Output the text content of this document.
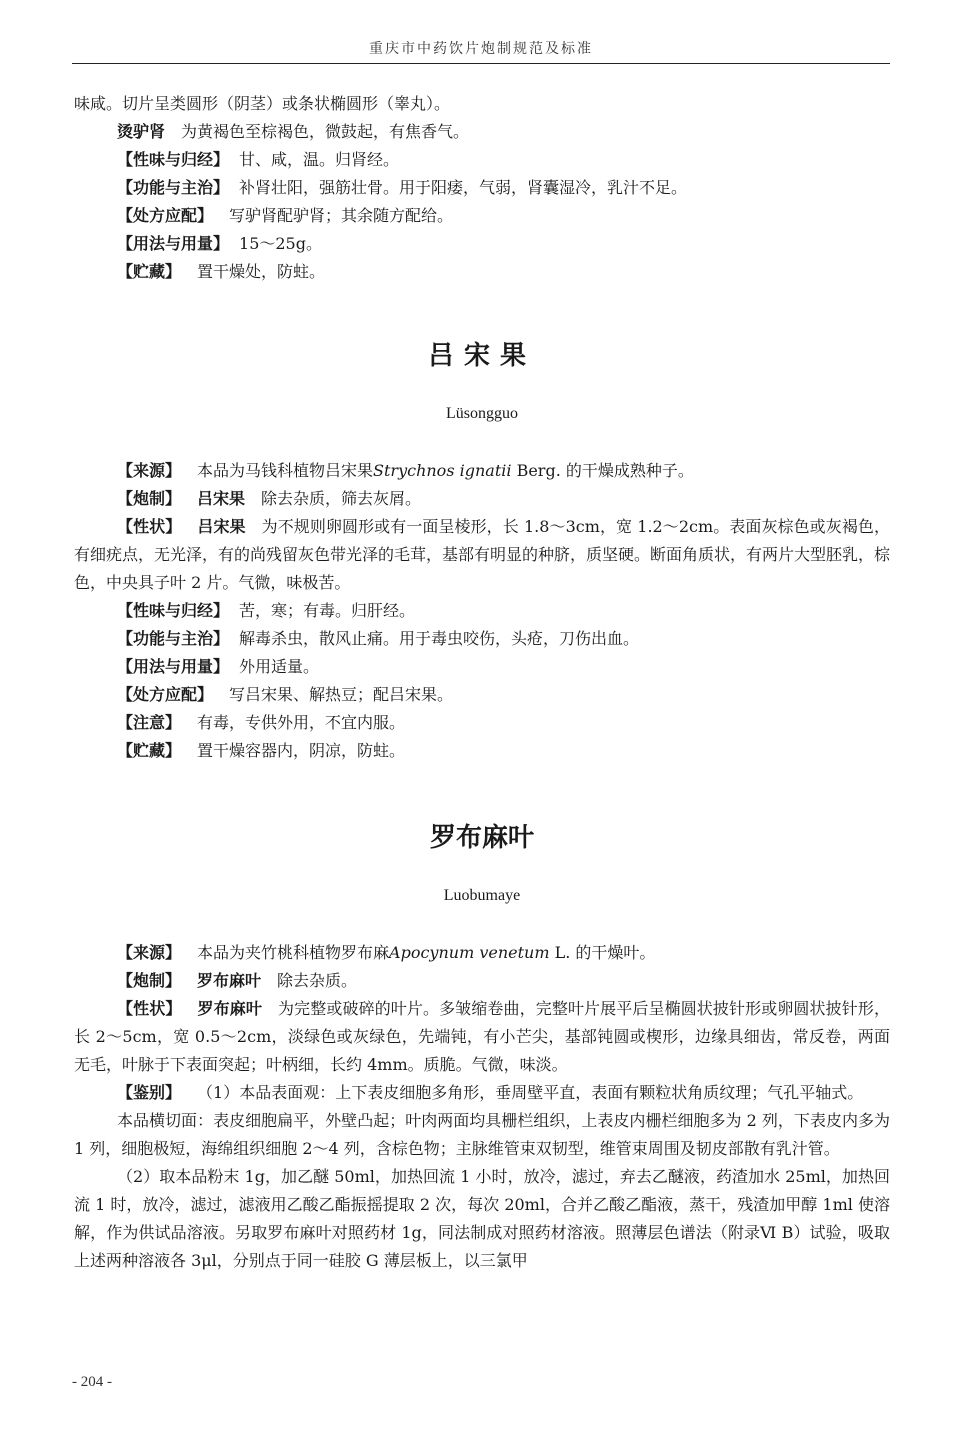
重庆市中药饮片炮制规范及标准

味咸。切片呈类圆形（阴茎）或条状椭圆形（睾丸）。

烫驴肾 为黄褐色至棕褐色，微鼓起，有焦香气。

【性味与归经】 甘、咸，温。归肾经。

【功能与主治】 补肾壮阳，强筋壮骨。用于阳痿，气弱，肾囊湿冷，乳汁不足。

【处方应配】 写驴肾配驴肾；其余随方配给。

【用法与用量】 15～25g。

【贮藏】 置干燥处，防蛀。

吕宋果

Lüsongguo

【来源】 本品为马钱科植物吕宋果Strychnos ignatii Berg. 的干燥成熟种子。

【炮制】 吕宋果 除去杂质，筛去灰屑。

【性状】 吕宋果 为不规则卵圆形或有一面呈棱形，长 1.8～3cm，宽 1.2～2cm。表面灰棕色或灰褐色，有细疣点，无光泽，有的尚残留灰色带光泽的毛茸，基部有明显的种脐，质坚硬。断面角质状，有两片大型胚乳，棕色，中央具子叶 2 片。气微，味极苦。

【性味与归经】 苦，寒；有毒。归肝经。

【功能与主治】 解毒杀虫，散风止痛。用于毒虫咬伤，头疮，刀伤出血。

【用法与用量】 外用适量。

【处方应配】 写吕宋果、解热豆；配吕宋果。

【注意】 有毒，专供外用，不宜内服。

【贮藏】 置干燥容器内，阴凉，防蛀。

罗布麻叶

Luobumaye

【来源】 本品为夹竹桃科植物罗布麻Apocynum venetum L. 的干燥叶。

【炮制】 罗布麻叶 除去杂质。

【性状】 罗布麻叶 为完整或破碎的叶片。多皱缩卷曲，完整叶片展平后呈椭圆状披针形或卵圆状披针形，长 2～5cm，宽 0.5～2cm，淡绿色或灰绿色，先端钝，有小芒尖，基部钝圆或楔形，边缘具细齿，常反卷，两面无毛，叶脉于下表面突起；叶柄细，长约 4mm。质脆。气微，味淡。

【鉴别】 （1）本品表面观：上下表皮细胞多角形，垂周壁平直，表面有颗粒状角质纹理；气孔平轴式。

本品横切面：表皮细胞扁平，外壁凸起；叶肉两面均具栅栏组织，上表皮内栅栏细胞多为 2 列，下表皮内多为 1 列，细胞极短，海绵组织细胞 2～4 列，含棕色物；主脉维管束双韧型，维管束周围及韧皮部散有乳汁管。

（2）取本品粉末 1g，加乙醚 50ml，加热回流 1 小时，放冷，滤过，弃去乙醚液，药渣加水 25ml，加热回流 1 时，放冷，滤过，滤液用乙酸乙酯振摇提取 2 次，每次 20ml，合并乙酸乙酯液，蒸干，残渣加甲醇 1ml 使溶解，作为供试品溶液。另取罗布麻叶对照药材 1g，同法制成对照药材溶液。照薄层色谱法（附录Ⅵ B）试验，吸取上述两种溶液各 3μl，分别点于同一硅胶 G 薄层板上，以三氯甲

- 204 -
